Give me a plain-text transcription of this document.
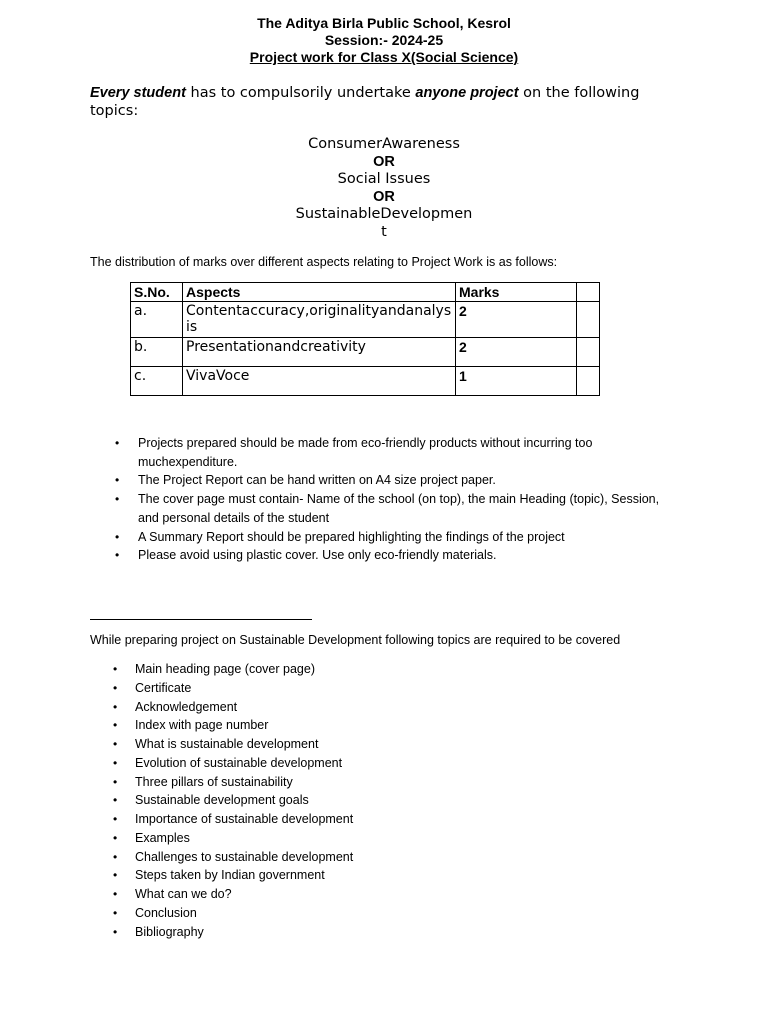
The Aditya Birla Public School, Kesrol
Session:- 2024-25
Project work for Class X(Social Science)
Every student has to compulsorily undertake anyone project on the following topics:
ConsumerAwareness
OR
Social Issues
OR
SustainableDevelopment
The distribution of marks over different aspects relating to Project Work is as follows:
S.No.	Aspects	Marks	
a.	Contentaccuracy,originalityandanalysis	2	
b.	Presentationandcreativity	2	
c.	VivaVoce	1	
• Projects prepared should be made from eco-friendly products without incurring too muchexpenditure.
• The Project Report can be hand written on A4 size project paper.
• The cover page must contain- Name of the school (on top), the main Heading (topic), Session, and personal details of the student
• A Summary Report should be prepared highlighting the findings of the project
• Please avoid using plastic cover. Use only eco-friendly materials.
While preparing project on Sustainable Development following topics are required to be covered
• Main heading page (cover page)
• Certificate
• Acknowledgement
• Index with page number
• What is sustainable development
• Evolution of sustainable development
• Three pillars of sustainability
• Sustainable development goals
• Importance of sustainable development
• Examples
• Challenges to sustainable development
• Steps taken by Indian government
• What can we do?
• Conclusion
• Bibliography
